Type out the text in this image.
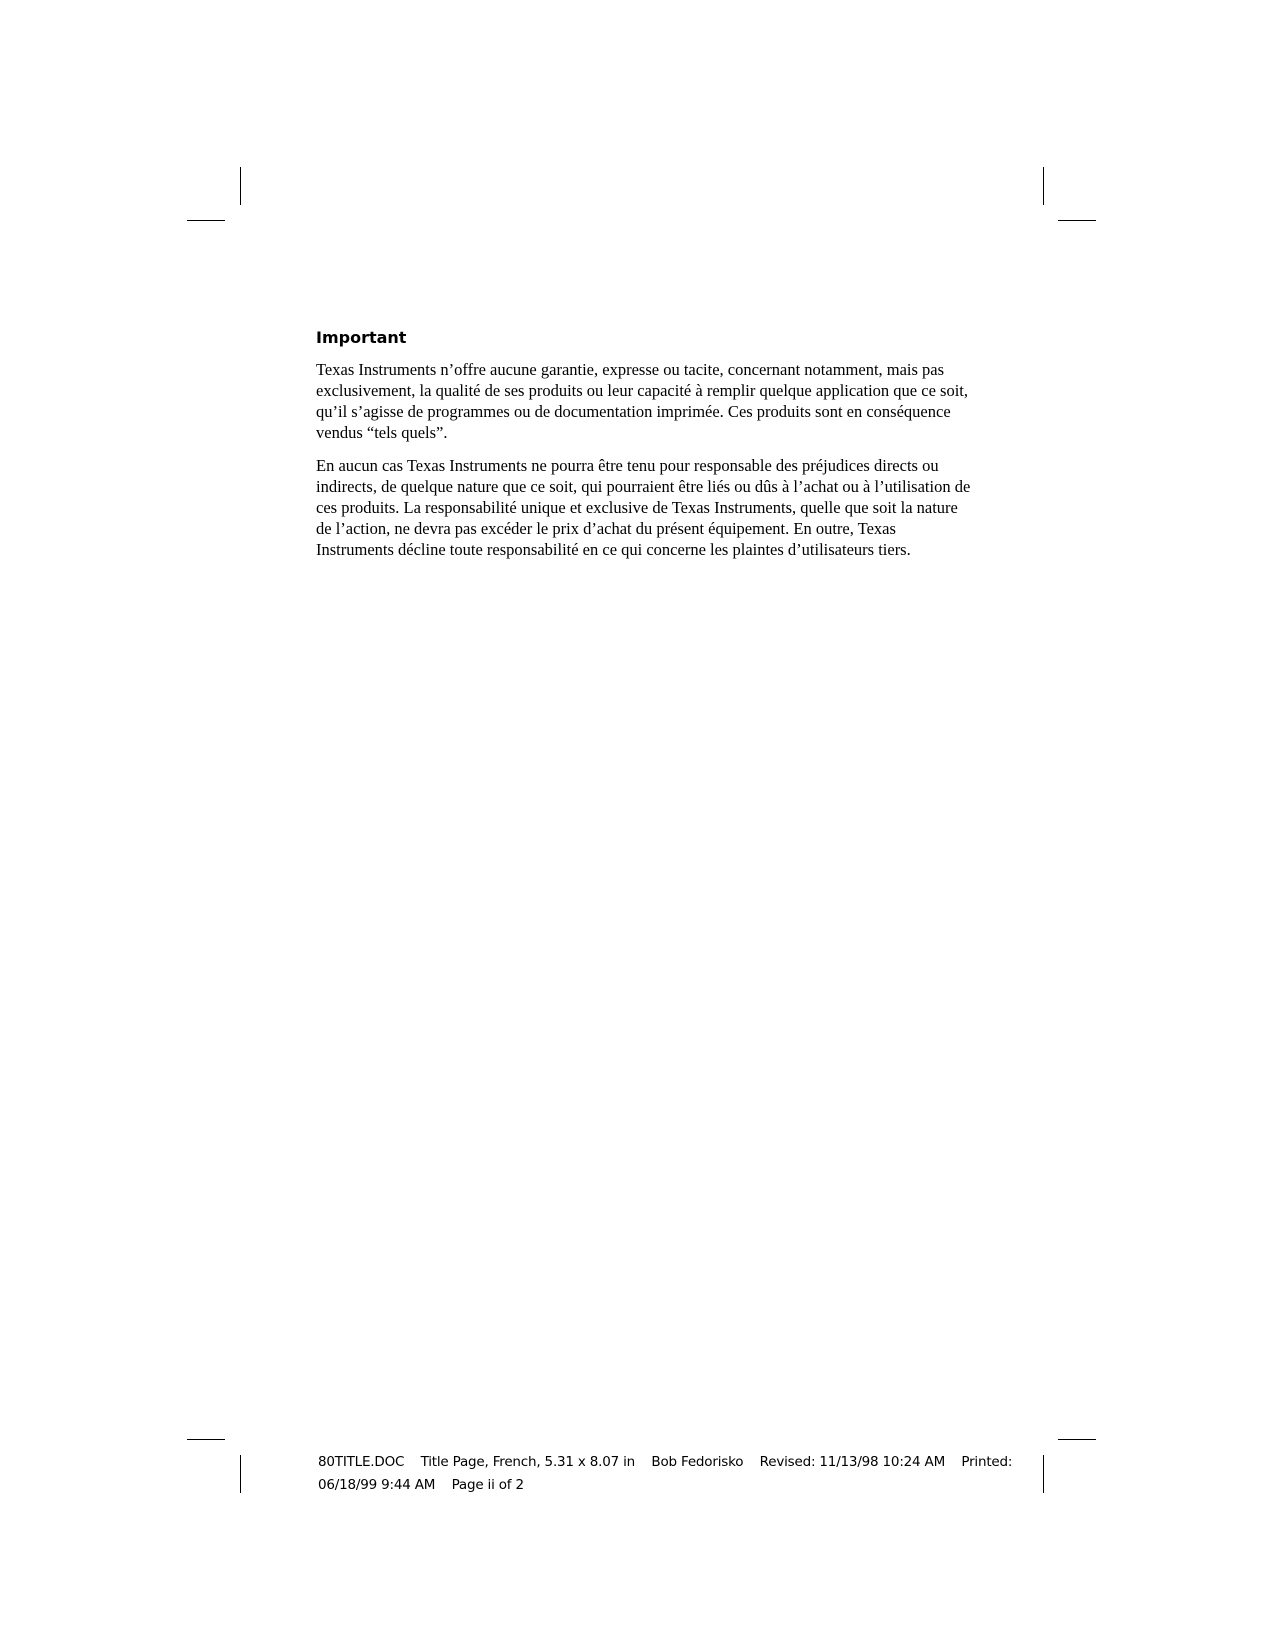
Important

Texas Instruments n’offre aucune garantie, expresse ou tacite, concernant notamment, mais pas exclusivement, la qualité de ses produits ou leur capacité à remplir quelque application que ce soit, qu’il s’agisse de programmes ou de documentation imprimée. Ces produits sont en conséquence vendus “tels quels”.

En aucun cas Texas Instruments ne pourra être tenu pour responsable des préjudices directs ou indirects, de quelque nature que ce soit, qui pourraient être liés ou dûs à l’achat ou à l’utilisation de ces produits. La responsabilité unique et exclusive de Texas Instruments, quelle que soit la nature de l’action, ne devra pas excéder le prix d’achat du présent équipement. En outre, Texas Instruments décline toute responsabilité en ce qui concerne les plaintes d’utilisateurs tiers.

80TITLE.DOC    Title Page, French, 5.31 x 8.07 in    Bob Fedorisko    Revised: 11/13/98 10:24 AM    Printed:
06/18/99 9:44 AM    Page ii of 2
